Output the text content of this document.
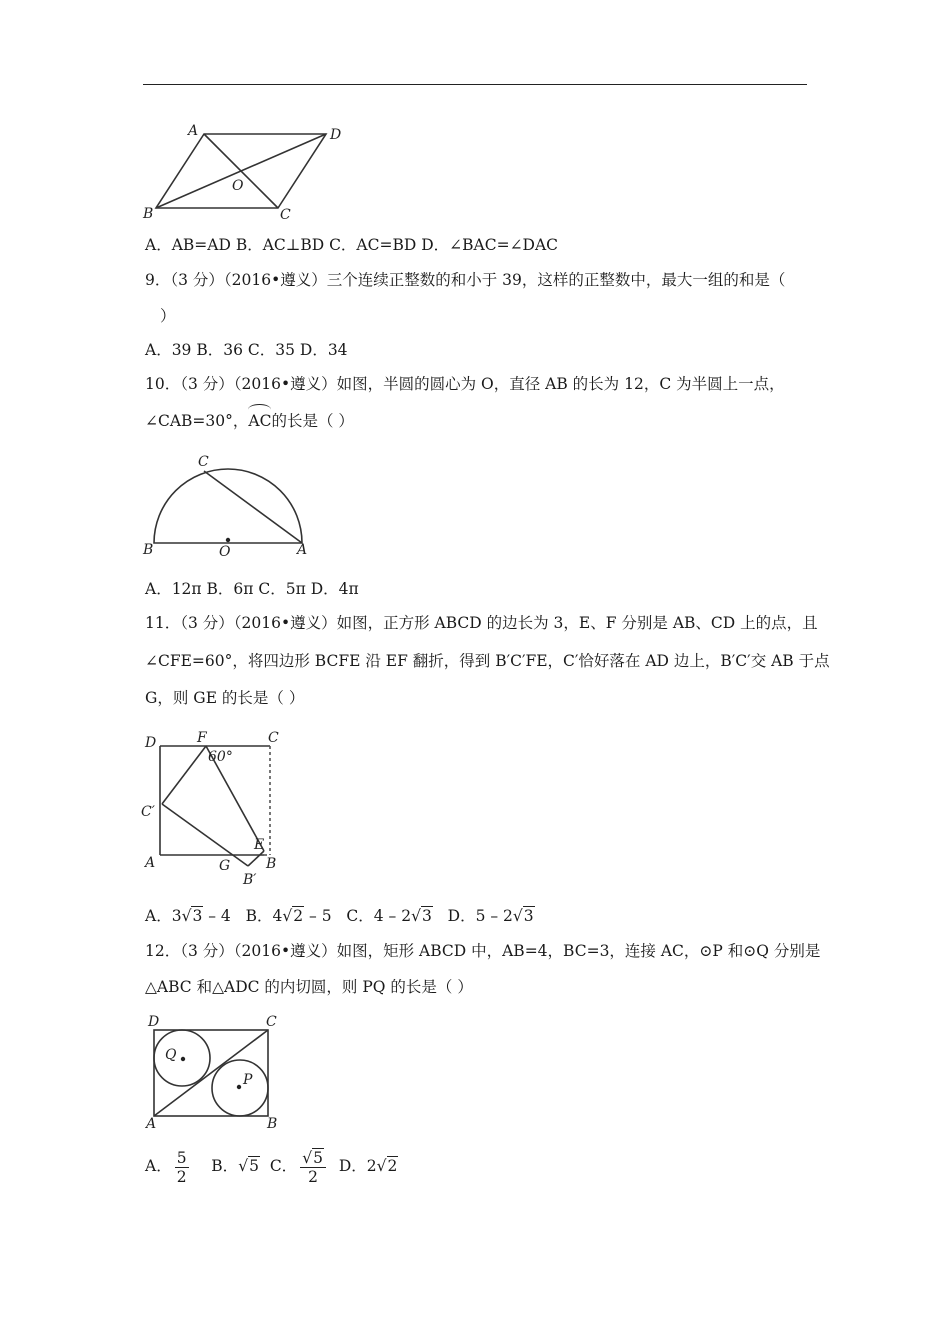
A	D
O
B	C
A．AB=AD B．AC⊥BD C．AC=BD D．∠BAC=∠DAC
9．（3 分）（2016•遵义）三个连续正整数的和小于 39，这样的正整数中，最大一组的和是（
）
A．39 B．36 C．35 D．34
10．（3 分）（2016•遵义）如图，半圆的圆心为 O，直径 AB 的长为 12，C 为半圆上一点，
∠CAB=30°，
AC的长是（ ）
C
B	O	A
A．12π B．6π C．5π D．4π
11．（3 分）（2016•遵义）如图，正方形 ABCD 的边长为 3，E、F 分别是 AB、CD 上的点，且
∠CFE=60°，将四边形 BCFE 沿 EF 翻折，得到 B′C′FE，C′恰好落在 AD 边上，B′C′交 AB 于点
G，则 GE 的长是（ ）
D	F	C
60°
C′
A	G
E
B
B′
A．3√3 – 4   B．4√2 – 5   C．4 – 2√3 D．5 – 2√3
12．（3 分）（2016•遵义）如图，矩形 ABCD 中，AB=4，BC=3，连接 AC，⊙P 和⊙Q 分别是
△ABC 和△ADC 的内切圆，则 PQ 的长是（ ）
D	C
Q
P
A	B
A． $\frac{5}{2}$ B．√5 C． $\frac{√5}{2}$ D．2√2
